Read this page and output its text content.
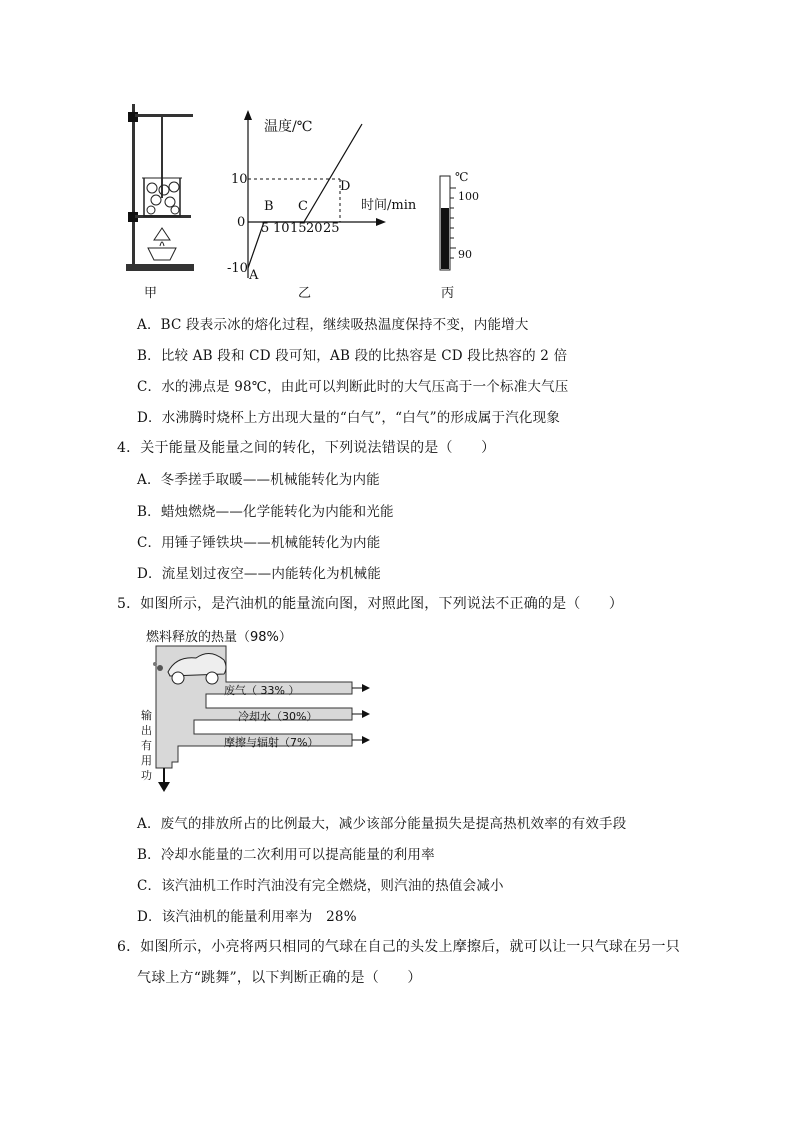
甲
温度/℃
时间/min
10
0
-10
5 10 15 20 25
A
B C
D
乙
℃
100
90
丙
A．BC 段表示冰的熔化过程，继续吸热温度保持不变，内能增大
B．比较 AB 段和 CD 段可知，AB 段的比热容是 CD 段比热容的 2 倍
C．水的沸点是 98℃，由此可以判断此时的大气压高于一个标准大气压
D．水沸腾时烧杯上方出现大量的“白气”，“白气”的形成属于汽化现象
4．关于能量及能量之间的转化，下列说法错误的是（　　）
A．冬季搓手取暖——机械能转化为内能
B．蜡烛燃烧——化学能转化为内能和光能
C．用锤子锤铁块——机械能转化为内能
D．流星划过夜空——内能转化为机械能
5．如图所示，是汽油机的能量流向图，对照此图，下列说法不正确的是（　　）
燃料释放的热量（98%）
废气（ 33% ）
冷却水（30%）
摩擦与辐射（7%）
输
出
有
用
功
A．废气的排放所占的比例最大，减少该部分能量损失是提高热机效率的有效手段
B．冷却水能量的二次利用可以提高能量的利用率
C．该汽油机工作时汽油没有完全燃烧，则汽油的热值会减小
D．该汽油机的能量利用率为　28%
6．如图所示，小亮将两只相同的气球在自己的头发上摩擦后，就可以让一只气球在另一只
气球上方“跳舞”，以下判断正确的是（　　）
